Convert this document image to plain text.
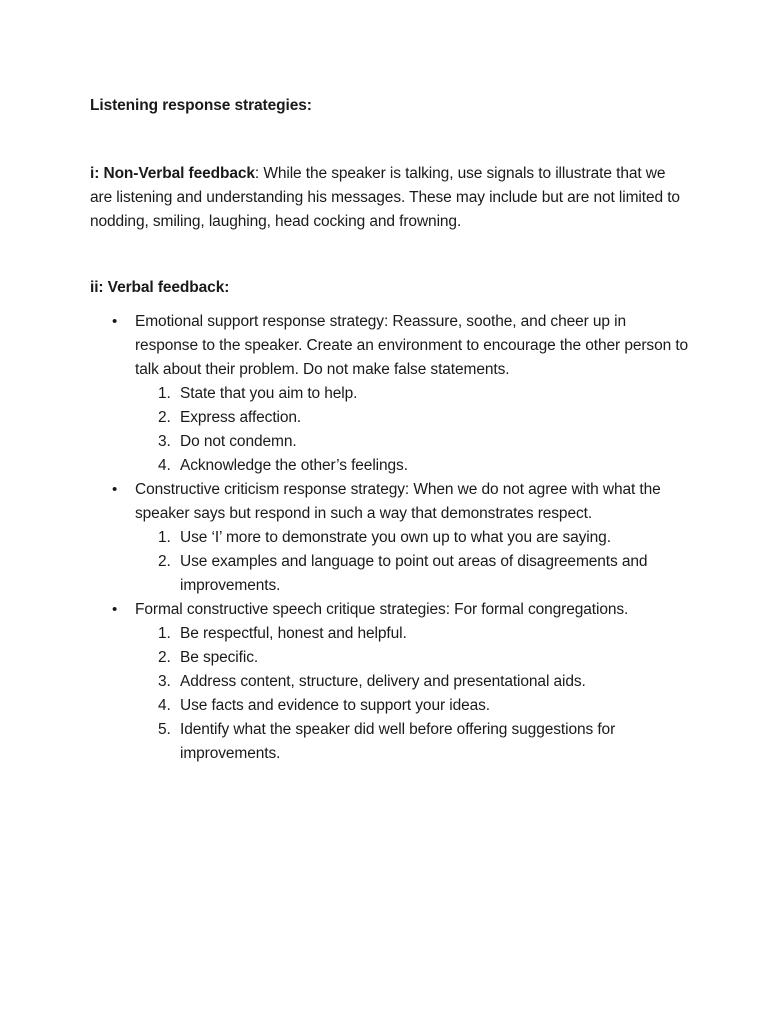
Listening response strategies:

i: Non-Verbal feedback: While the speaker is talking, use signals to illustrate that we are listening and understanding his messages. These may include but are not limited to nodding, smiling, laughing, head cocking and frowning.

ii: Verbal feedback:

• Emotional support response strategy: Reassure, soothe, and cheer up in response to the speaker. Create an environment to encourage the other person to talk about their problem. Do not make false statements.
1. State that you aim to help.
2. Express affection.
3. Do not condemn.
4. Acknowledge the other’s feelings.
• Constructive criticism response strategy: When we do not agree with what the speaker says but respond in such a way that demonstrates respect.
1. Use ‘I’ more to demonstrate you own up to what you are saying.
2. Use examples and language to point out areas of disagreements and improvements.
• Formal constructive speech critique strategies: For formal congregations.
1. Be respectful, honest and helpful.
2. Be specific.
3. Address content, structure, delivery and presentational aids.
4. Use facts and evidence to support your ideas.
5. Identify what the speaker did well before offering suggestions for improvements.
